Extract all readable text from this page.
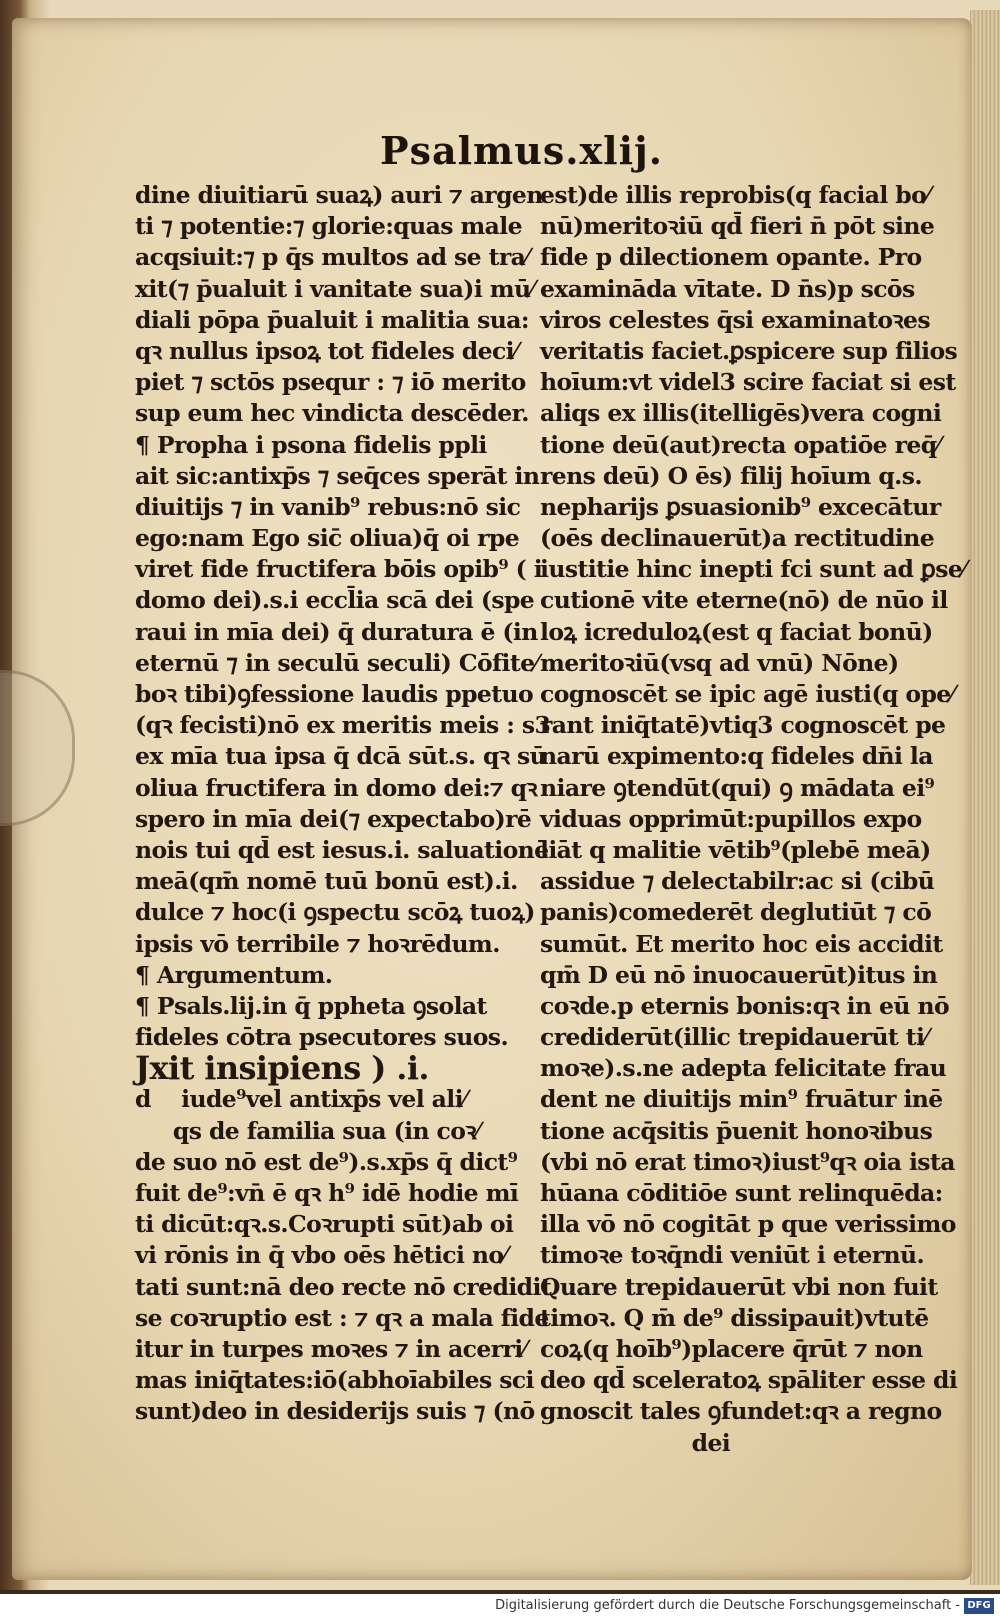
Psalmus.xlij.
dine diuitiarū suaꝝ) auri ⁊ argen
ti ⁊ potentie:⁊ glorie:quas male
acqsiuit:⁊ p q̄s multos ad se tra⁄
xit(⁊ p̄ualuit i vanitate sua)i mū⁄
diali pōpa p̄ualuit i malitia sua:
qꝛ nullus ipsoꝝ tot fideles deci⁄
piet ⁊ sctōs psequr : ⁊ iō merito
sup eum hec vindicta descēder.
¶ Propha i psona fidelis ppli
ait sic:antixp̄s ⁊ seq̄ces sperāt in
diuitijs ⁊ in vanib⁹ rebus:nō sic
ego:nam Ego sic̄ oliua)q̄ oi rpe
viret fide fructifera bōis opib⁹ ( i
domo dei).s.i eccl̄ia scā dei (spe
raui in mīa dei) q̄ duratura ē (in
eternū ⁊ in seculū seculi) Cōfite⁄
boꝛ tibi)ꝯfessione laudis ppetuo
(qꝛ fecisti)nō ex meritis meis : s3
ex mīa tua ipsa q̄ dcā sūt.s. qꝛ sū
oliua fructifera in domo dei:⁊ qꝛ
spero in mīa dei(⁊ expectabo)rē
nois tui qd̄ est iesus.i. saluationē
meā(qm̄ nomē tuū bonū est).i.
dulce ⁊ hoc(i ꝯspectu scōꝝ tuoꝝ)
ipsis vō terribile ⁊ hoꝛrēdum.
¶ Argumentum.
¶ Psals.lij.in q̄ ppheta ꝯsolat
fideles cōtra psecutores suos.
Jxit insipiens ) .i.
d    iude⁹vel antixp̄s vel ali⁄
qs de familia sua (in coꝛ⁄
de suo nō est de⁹).s.xp̄s q̄ dict⁹
fuit de⁹:vn̄ ē qꝛ h⁹ idē hodie mī
ti dicūt:qꝛ.s.Coꝛrupti sūt)ab oi
vi rōnis in q̄ vbo oēs hētici no⁄
tati sunt:nā deo recte nō credidit
se coꝛruptio est : ⁊ qꝛ a mala fide
itur in turpes moꝛes ⁊ in acerri⁄
mas iniq̄tates:iō(abhoīabiles sci
sunt)deo in desiderijs suis ⁊ (nō
est)de illis reprobis(q facial bo⁄
nū)meritoꝛiū qd̄ fieri n̄ pōt sine
fide p dilectionem opante. Pro
examināda vītate. D n̄s)p scōs
viros celestes q̄si examinatoꝛes
veritatis faciet.ꝑspicere sup filios
hoīum:vt videl3 scire faciat si est
aliqs ex illis(itelligēs)vera cogni
tione deū(aut)recta opatiōe req̄⁄
rens deū) O ēs) filij hoīum q.s.
nepharijs ꝑsuasionib⁹ excecātur
(oēs declinauerūt)a rectitudine
iustitie hinc inepti fci sunt ad ꝑse⁄
cutionē vite eterne(nō) de nūo il
loꝝ icreduloꝝ(est q faciat bonū)
meritoꝛiū(vsq ad vnū) Nōne)
cognoscēt se ipic agē iusti(q ope⁄
rant iniq̄tatē)vtiq3 cognoscēt pe
narū expimento:q fideles dn̄i la
niare ꝯtendūt(qui) ꝯ mādata ei⁹
viduas opprimūt:pupillos expo
liāt q malitie vētib⁹(plebē meā)
assidue ⁊ delectabilr:ac si (cibū
panis)comederēt deglutiūt ⁊ cō
sumūt. Et merito hoc eis accidit
qm̄ D eū nō inuocauerūt)itus in
coꝛde.p eternis bonis:qꝛ in eū nō
crediderūt(illic trepidauerūt ti⁄
moꝛe).s.ne adepta felicitate frau
dent ne diuitijs min⁹ fruātur inē
tione acq̄sitis p̄uenit honoꝛibus
(vbi nō erat timoꝛ)iust⁹qꝛ oia ista
hūana cōditiōe sunt relinquēda:
illa vō nō cogitāt p que verissimo
timoꝛe toꝛq̄ndi veniūt i eternū.
Quare trepidauerūt vbi non fuit
timoꝛ. Q m̄ de⁹ dissipauit)vtutē
coꝝ(q hoīb⁹)placere q̄rūt ⁊ non
deo qd̄ sceleratoꝝ spāliter esse di
gnoscit tales ꝯfundet:qꝛ a regno
dei
Digitalisierung gefördert durch die Deutsche Forschungsgemeinschaft - DFG
